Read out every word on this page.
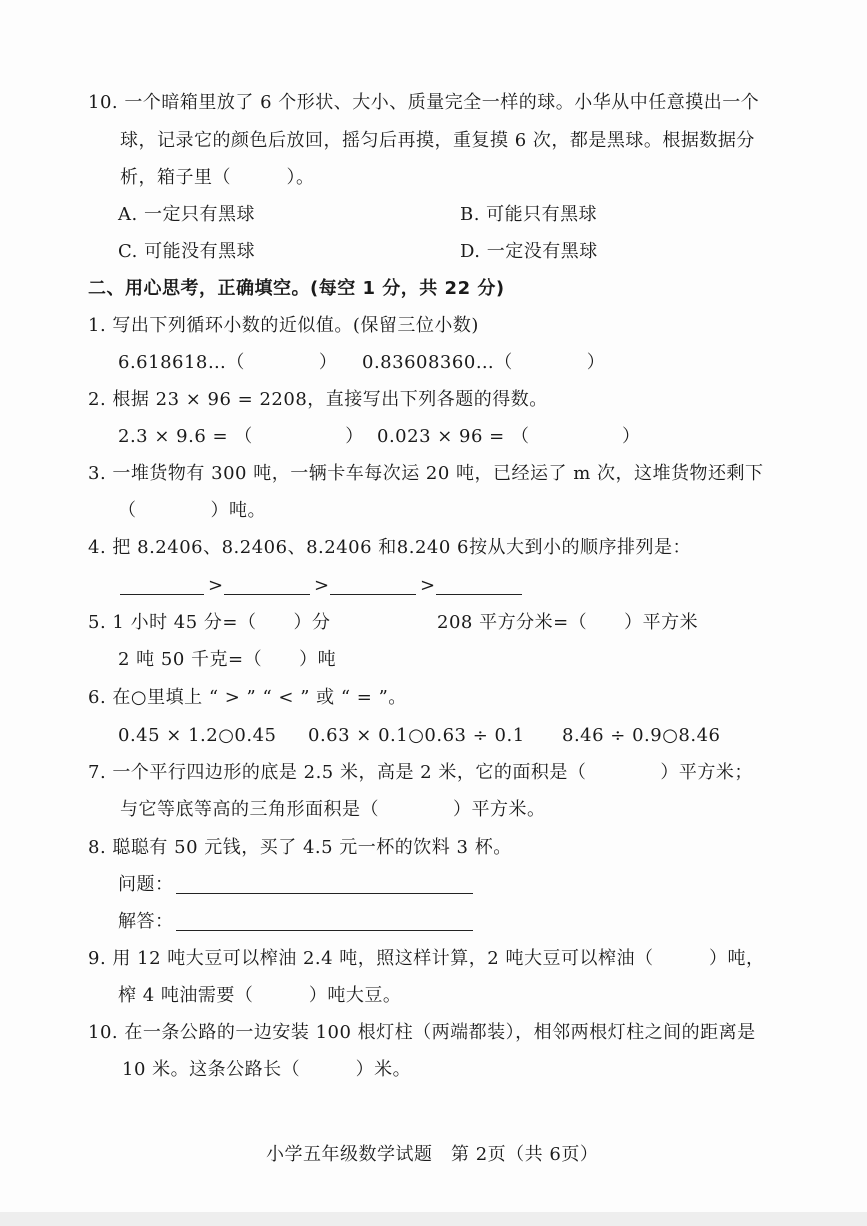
10. 一个暗箱里放了 6 个形状、大小、质量完全一样的球。小华从中任意摸出一个
球，记录它的颜色后放回，摇匀后再摸，重复摸 6 次，都是黑球。根据数据分
析，箱子里（　　　）。
A. 一定只有黑球	B. 可能只有黑球
C. 可能没有黑球	D. 一定没有黑球
二、用心思考，正确填空。(每空 1 分，共 22 分)
1. 写出下列循环小数的近似值。(保留三位小数)
6.618618…（　　　　） 0.83608360…（　　　　）
2. 根据 23 × 96 = 2208，直接写出下列各题的得数。
2.3 × 9.6 = （　　　　　） 0.023 × 96 = （　　　　　）
3. 一堆货物有 300 吨，一辆卡车每次运 20 吨，已经运了 m 次，这堆货物还剩下
（　　　　）吨。
4. 把 8.2406、8.2406、8.2406 和8.240 6按从大到小的顺序排列是：
>	>	>
5. 1 小时 45 分=（　　）分	208 平方分米=（　　）平方米
2 吨 50 千克=（　　）吨
6. 在○里填上 “ > ” “ < ” 或 “ = ”。
0.45 × 1.2○0.45 0.63 × 0.1○0.63 ÷ 0.1 8.46 ÷ 0.9○8.46
7. 一个平行四边形的底是 2.5 米，高是 2 米，它的面积是（　　　　）平方米；
与它等底等高的三角形面积是（　　　　）平方米。
8. 聪聪有 50 元钱，买了 4.5 元一杯的饮料 3 杯。
问题：
解答：
9. 用 12 吨大豆可以榨油 2.4 吨，照这样计算，2 吨大豆可以榨油（　　　）吨，
榨 4 吨油需要（　　　）吨大豆。
10. 在一条公路的一边安装 100 根灯柱（两端都装），相邻两根灯柱之间的距离是
10 米。这条公路长（　　　）米。
小学五年级数学试题　第 2页（共 6页）
